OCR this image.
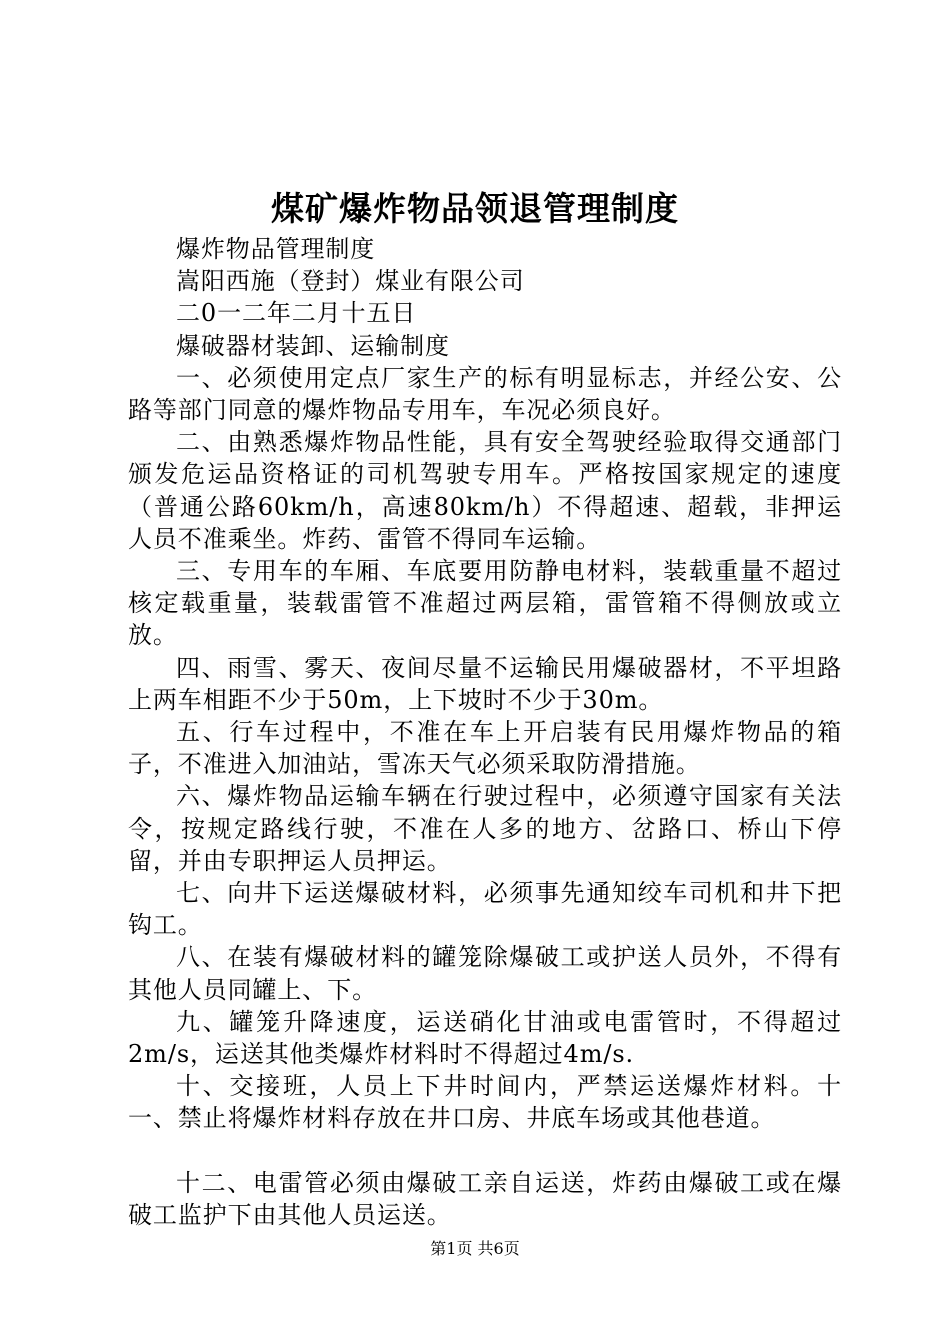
煤矿爆炸物品领退管理制度

爆炸物品管理制度

嵩阳西施（登封）煤业有限公司

二0一二年二月十五日

爆破器材装卸、运输制度

一、必须使用定点厂家生产的标有明显标志，并经公安、公路等部门同意的爆炸物品专用车，车况必须良好。

二、由熟悉爆炸物品性能，具有安全驾驶经验取得交通部门颁发危运品资格证的司机驾驶专用车。严格按国家规定的速度（普通公路60km/h，高速80km/h）不得超速、超载，非押运人员不准乘坐。炸药、雷管不得同车运输。

三、专用车的车厢、车底要用防静电材料，装载重量不超过核定载重量，装载雷管不准超过两层箱，雷管箱不得侧放或立放。

四、雨雪、雾天、夜间尽量不运输民用爆破器材，不平坦路上两车相距不少于50m，上下坡时不少于30m。

五、行车过程中，不准在车上开启装有民用爆炸物品的箱子，不准进入加油站，雪冻天气必须采取防滑措施。

六、爆炸物品运输车辆在行驶过程中，必须遵守国家有关法令，按规定路线行驶，不准在人多的地方、岔路口、桥山下停留，并由专职押运人员押运。

七、向井下运送爆破材料，必须事先通知绞车司机和井下把钩工。

八、在装有爆破材料的罐笼除爆破工或护送人员外，不得有其他人员同罐上、下。

九、罐笼升降速度，运送硝化甘油或电雷管时，不得超过2m/s，运送其他类爆炸材料时不得超过4m/s.

十、交接班，人员上下井时间内，严禁运送爆炸材料。十一、禁止将爆炸材料存放在井口房、井底车场或其他巷道。

十二、电雷管必须由爆破工亲自运送，炸药由爆破工或在爆破工监护下由其他人员运送。

第1页 共6页
